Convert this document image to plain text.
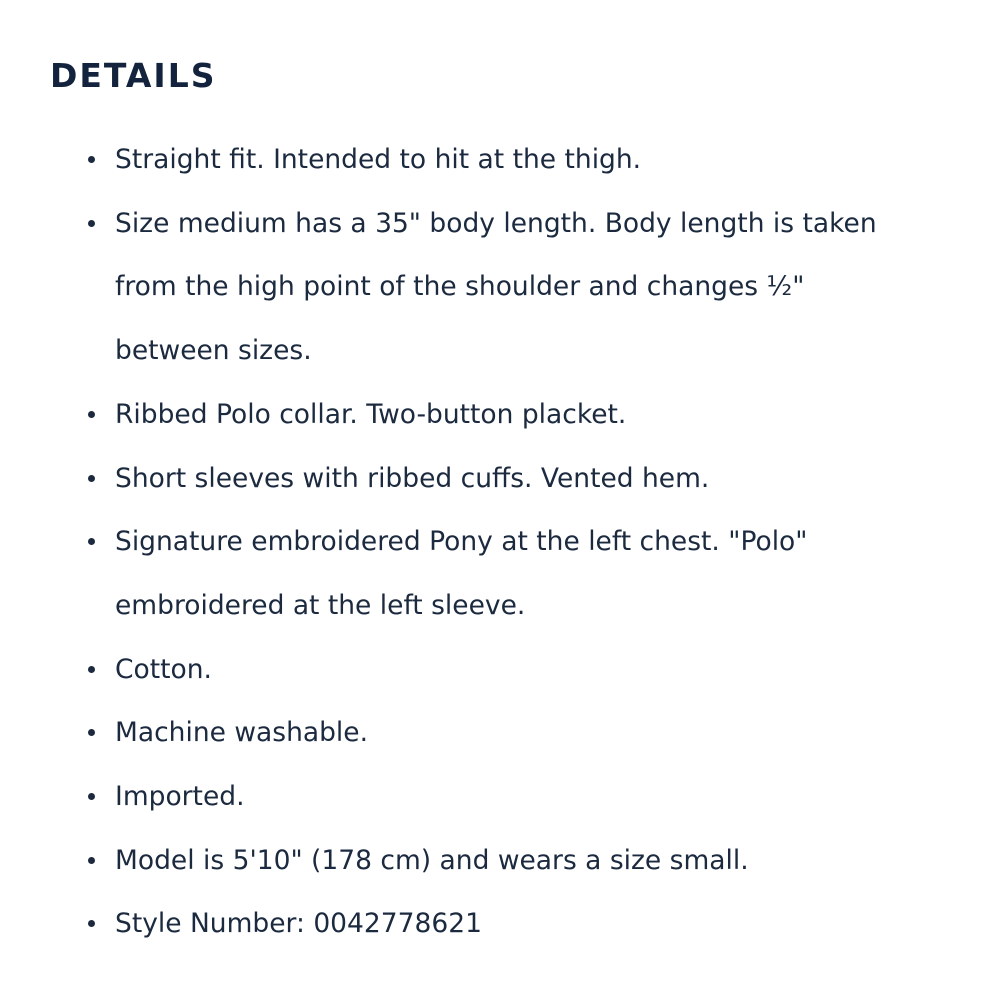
DETAILS
Straight fit. Intended to hit at the thigh.
Size medium has a 35" body length. Body length is taken from the high point of the shoulder and changes ½" between sizes.
Ribbed Polo collar. Two-button placket.
Short sleeves with ribbed cuffs. Vented hem.
Signature embroidered Pony at the left chest. "Polo" embroidered at the left sleeve.
Cotton.
Machine washable.
Imported.
Model is 5'10" (178 cm) and wears a size small.
Style Number: 0042778621
